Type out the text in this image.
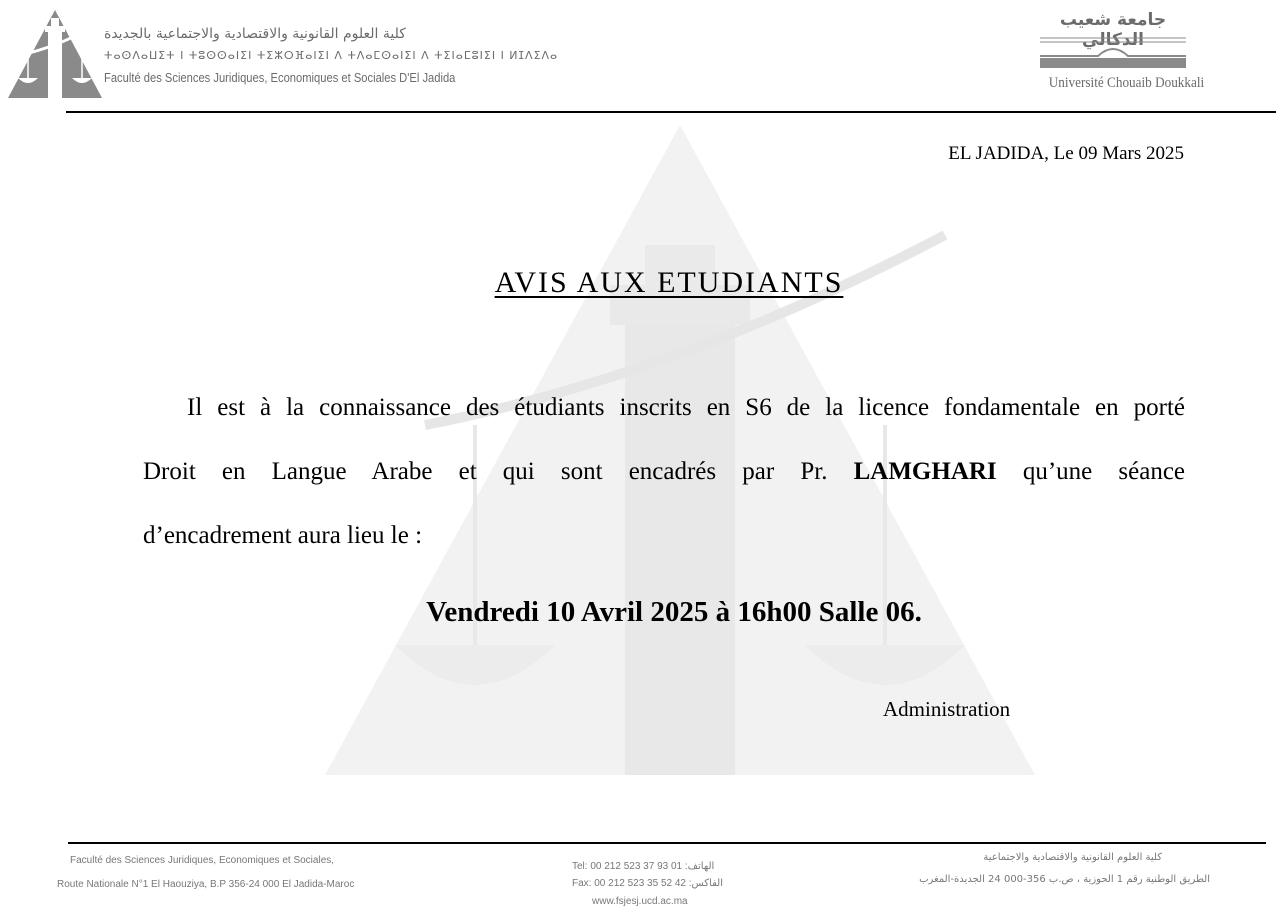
كلية العلوم القانونية والاقتصادية والاجتماعية بالجديدة
ⵜⴰⵙⴷⴰⵡⵉⵜ ⵏ ⵜⵓⵙⵙⴰⵏⵉⵏ ⵜⵉⵣⵔⴼⴰⵏⵉⵏ ⴷ ⵜⴷⴰⵎⵙⴰⵏⵉⵏ ⴷ ⵜⵉⵏⴰⵎⵓⵏⵉⵏ ⵏ ⵍⵊⴷⵉⴷⴰ
Faculté des Sciences Juridiques, Economiques et Sociales D'El Jadida
جامعة شعيب الدكالي
Université Chouaib Doukkali
EL JADIDA, Le 09 Mars 2025
AVIS AUX ETUDIANTS
Il est à la connaissance des étudiants inscrits en S6 de la licence fondamentale en porté
Droit en Langue Arabe et qui sont encadrés par Pr. LAMGHARI qu’une séance
d’encadrement aura lieu le :
Vendredi 10 Avril 2025 à 16h00 Salle 06.
Administration
Faculté des Sciences Juridiques, Economiques et Sociales,
Route Nationale N°1 El Haouziya, B.P 356-24 000 El Jadida-Maroc
Tel: 00 212 523 37 93 01 :الهاتف
Fax: 00 212 523 35 52 42 :الفاكس
www.fsjesj.ucd.ac.ma
كلية العلوم القانونية والاقتصادية والاجتماعية
الطريق الوطنية رقم 1 الحوزية ، ص.ب 356-000 24 الجديدة-المغرب
